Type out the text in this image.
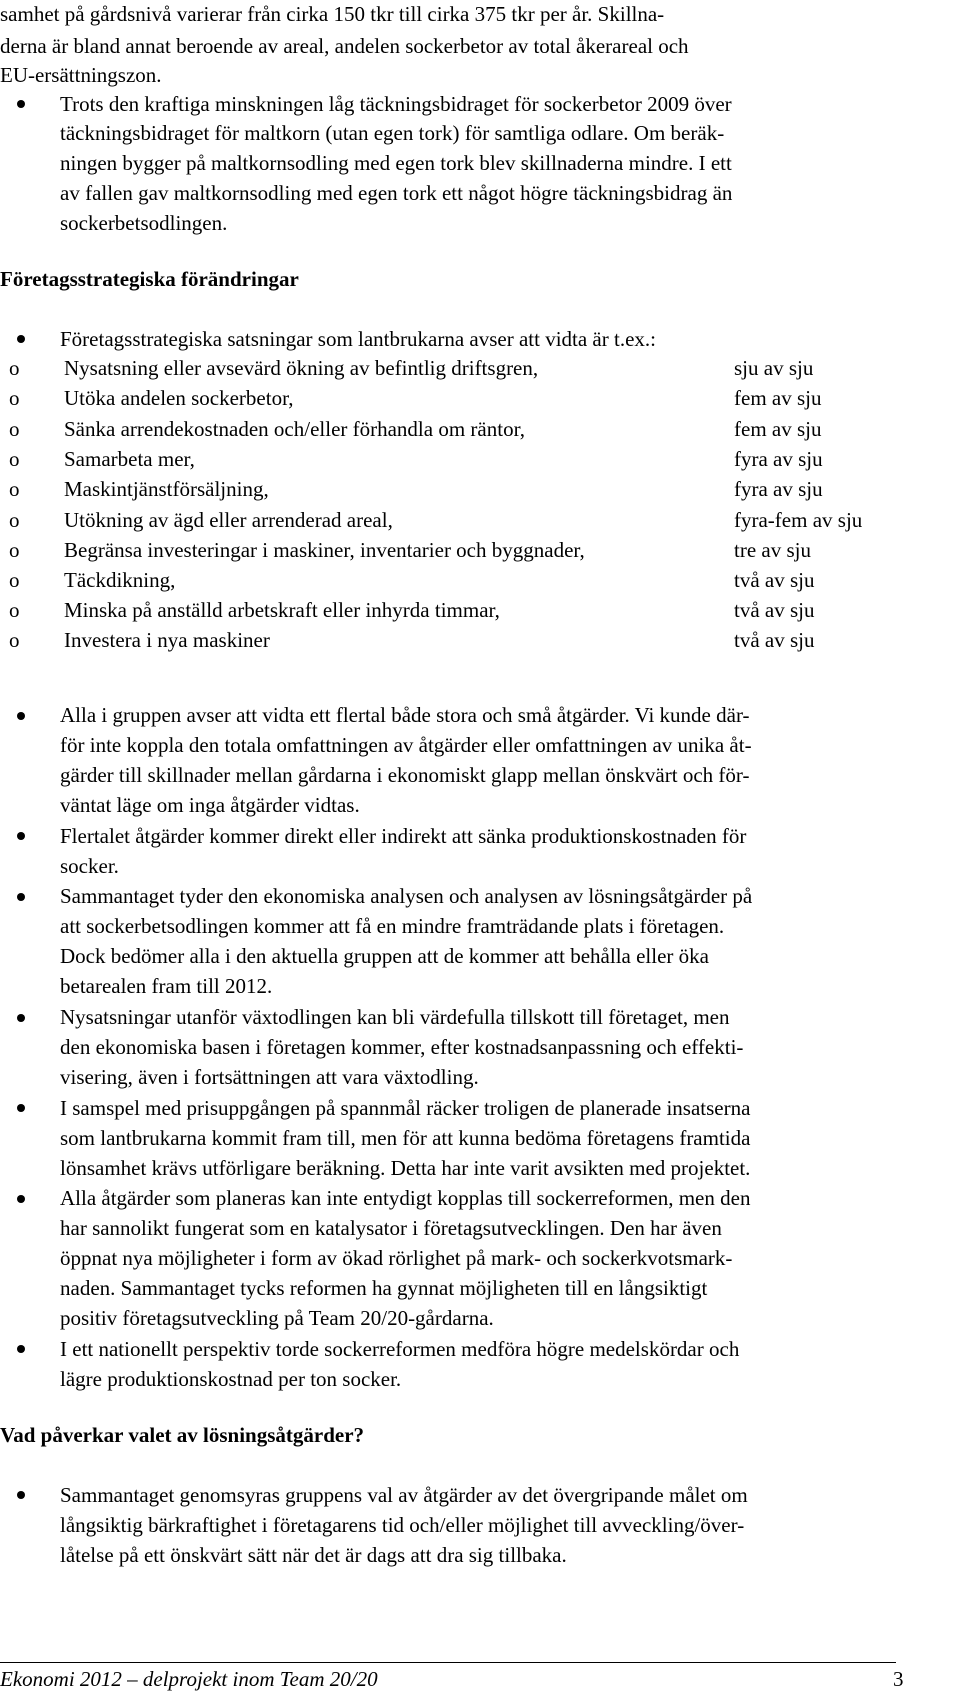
samhet på gårdsnivå varierar från cirka 150 tkr till cirka 375 tkr per år. Skillna-
derna är bland annat beroende av areal, andelen sockerbetor av total åkerareal och
EU-ersättningszon.
Trots den kraftiga minskningen låg täckningsbidraget för sockerbetor 2009 över
täckningsbidraget för maltkorn (utan egen tork) för samtliga odlare. Om beräk-
ningen bygger på maltkornsodling med egen tork blev skillnaderna mindre. I ett
av fallen gav maltkornsodling med egen tork ett något högre täckningsbidrag än
sockerbetsodlingen.
Företagsstrategiska förändringar
Företagsstrategiska satsningar som lantbrukarna avser att vidta är t.ex.:
o Nysatsning eller avsevärd ökning av befintlig driftsgren,	sju av sju
o Utöka andelen sockerbetor,	fem av sju
o Sänka arrendekostnaden och/eller förhandla om räntor,	fem av sju
o Samarbeta mer,	fyra av sju
o Maskintjänstförsäljning,	fyra av sju
o Utökning av ägd eller arrenderad areal,	fyra-fem av sju
o Begränsa investeringar i maskiner, inventarier och byggnader,	tre av sju
o Täckdikning,	två av sju
o Minska på anställd arbetskraft eller inhyrda timmar,	två av sju
o Investera i nya maskiner	två av sju
Alla i gruppen avser att vidta ett flertal både stora och små åtgärder. Vi kunde där-
för inte koppla den totala omfattningen av åtgärder eller omfattningen av unika åt-
gärder till skillnader mellan gårdarna i ekonomiskt glapp mellan önskvärt och för-
väntat läge om inga åtgärder vidtas.
Flertalet åtgärder kommer direkt eller indirekt att sänka produktionskostnaden för
socker.
Sammantaget tyder den ekonomiska analysen och analysen av lösningsåtgärder på
att sockerbetsodlingen kommer att få en mindre framträdande plats i företagen.
Dock bedömer alla i den aktuella gruppen att de kommer att behålla eller öka
betarealen fram till 2012.
Nysatsningar utanför växtodlingen kan bli värdefulla tillskott till företaget, men
den ekonomiska basen i företagen kommer, efter kostnadsanpassning och effekti-
visering, även i fortsättningen att vara växtodling.
I samspel med prisuppgången på spannmål räcker troligen de planerade insatserna
som lantbrukarna kommit fram till, men för att kunna bedöma företagens framtida
lönsamhet krävs utförligare beräkning. Detta har inte varit avsikten med projektet.
Alla åtgärder som planeras kan inte entydigt kopplas till sockerreformen, men den
har sannolikt fungerat som en katalysator i företagsutvecklingen. Den har även
öppnat nya möjligheter i form av ökad rörlighet på mark- och sockerkvotsmark-
naden. Sammantaget tycks reformen ha gynnat möjligheten till en långsiktigt
positiv företagsutveckling på Team 20/20-gårdarna.
I ett nationellt perspektiv torde sockerreformen medföra högre medelskördar och
lägre produktionskostnad per ton socker.
Vad påverkar valet av lösningsåtgärder?
Sammantaget genomsyras gruppens val av åtgärder av det övergripande målet om
långsiktig bärkraftighet i företagarens tid och/eller möjlighet till avveckling/över-
låtelse på ett önskvärt sätt när det är dags att dra sig tillbaka.
Ekonomi 2012 – delprojekt inom Team 20/20	3
